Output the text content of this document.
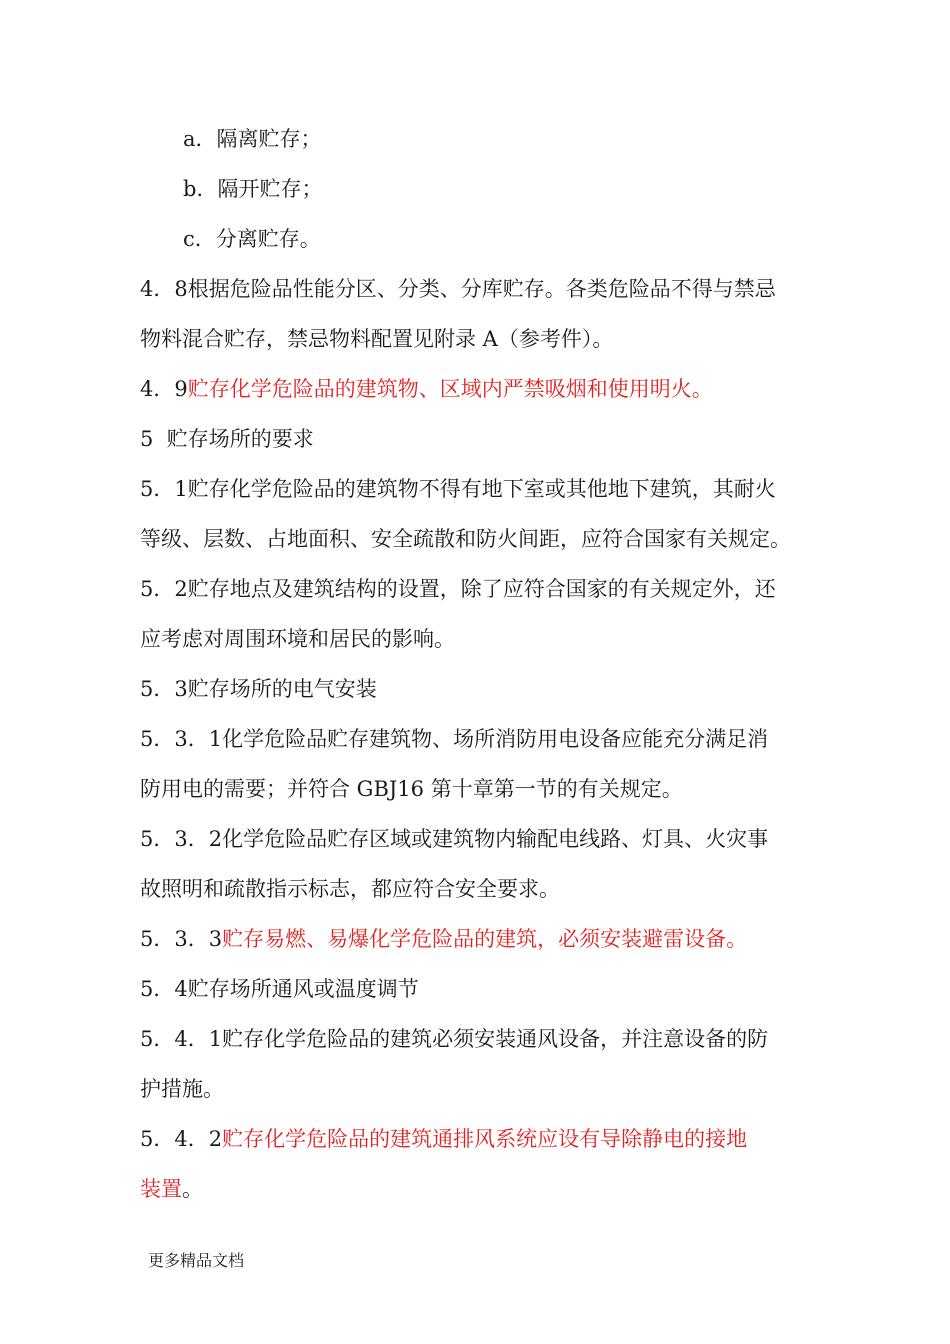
a．隔离贮存；
b．隔开贮存；
c．分离贮存。
4．8根据危险品性能分区、分类、分库贮存。各类危险品不得与禁忌
物料混合贮存，禁忌物料配置见附录 A（参考件）。
4．9贮存化学危险品的建筑物、区域内严禁吸烟和使用明火。
5 贮存场所的要求
5．1贮存化学危险品的建筑物不得有地下室或其他地下建筑，其耐火
等级、层数、占地面积、安全疏散和防火间距，应符合国家有关规定。
5．2贮存地点及建筑结构的设置，除了应符合国家的有关规定外，还
应考虑对周围环境和居民的影响。
5．3贮存场所的电气安装
5．3．1化学危险品贮存建筑物、场所消防用电设备应能充分满足消
防用电的需要；并符合 GBJ16 第十章第一节的有关规定。
5．3．2化学危险品贮存区域或建筑物内输配电线路、灯具、火灾事
故照明和疏散指示标志，都应符合安全要求。
5．3．3贮存易燃、易爆化学危险品的建筑，必须安装避雷设备。
5．4贮存场所通风或温度调节
5．4．1贮存化学危险品的建筑必须安装通风设备，并注意设备的防
护措施。
5．4．2贮存化学危险品的建筑通排风系统应设有导除静电的接地
装置。
更多精品文档
